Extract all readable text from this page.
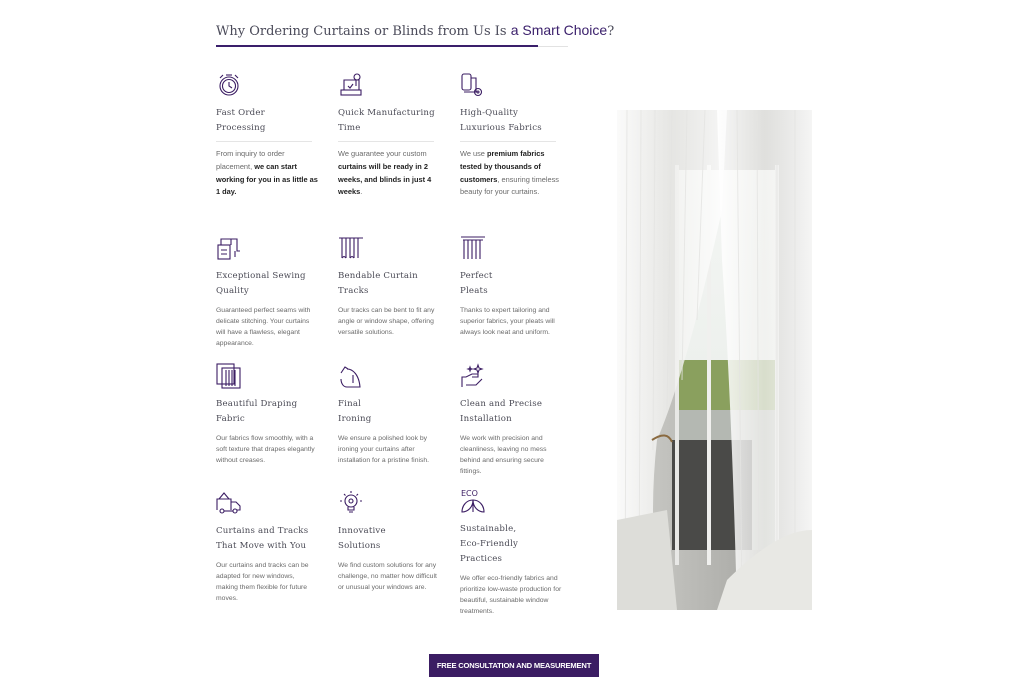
Why Ordering Curtains or Blinds from Us Is a Smart Choice?
Fast Order
Processing
From inquiry to order placement, we can start working for you in as little as 1 day.
Quick Manufacturing
Time
We guarantee your custom curtains will be ready in 2 weeks, and blinds in just 4 weeks.
High-Quality
Luxurious Fabrics
We use premium fabrics tested by thousands of customers, ensuring timeless beauty for your curtains.
Exceptional Sewing
Quality
Guaranteed perfect seams with delicate stitching. Your curtains will have a flawless, elegant appearance.
Bendable Curtain
Tracks
Our tracks can be bent to fit any angle or window shape, offering versatile solutions.
Perfect
Pleats
Thanks to expert tailoring and superior fabrics, your pleats will always look neat and uniform.
Beautiful Draping
Fabric
Our fabrics flow smoothly, with a soft texture that drapes elegantly without creases.
Final
Ironing
We ensure a polished look by ironing your curtains after installation for a pristine finish.
Clean and Precise
Installation
We work with precision and cleanliness, leaving no mess behind and ensuring secure fittings.
Curtains and Tracks
That Move with You
Our curtains and tracks can be adapted for new windows, making them flexible for future moves.
Innovative
Solutions
We find custom solutions for any challenge, no matter how difficult or unusual your windows are.
ECO
Sustainable,
Eco-Friendly Practices
We offer eco-friendly fabrics and prioritize low-waste production for beautiful, sustainable window treatments.
FREE CONSULTATION AND MEASUREMENT
